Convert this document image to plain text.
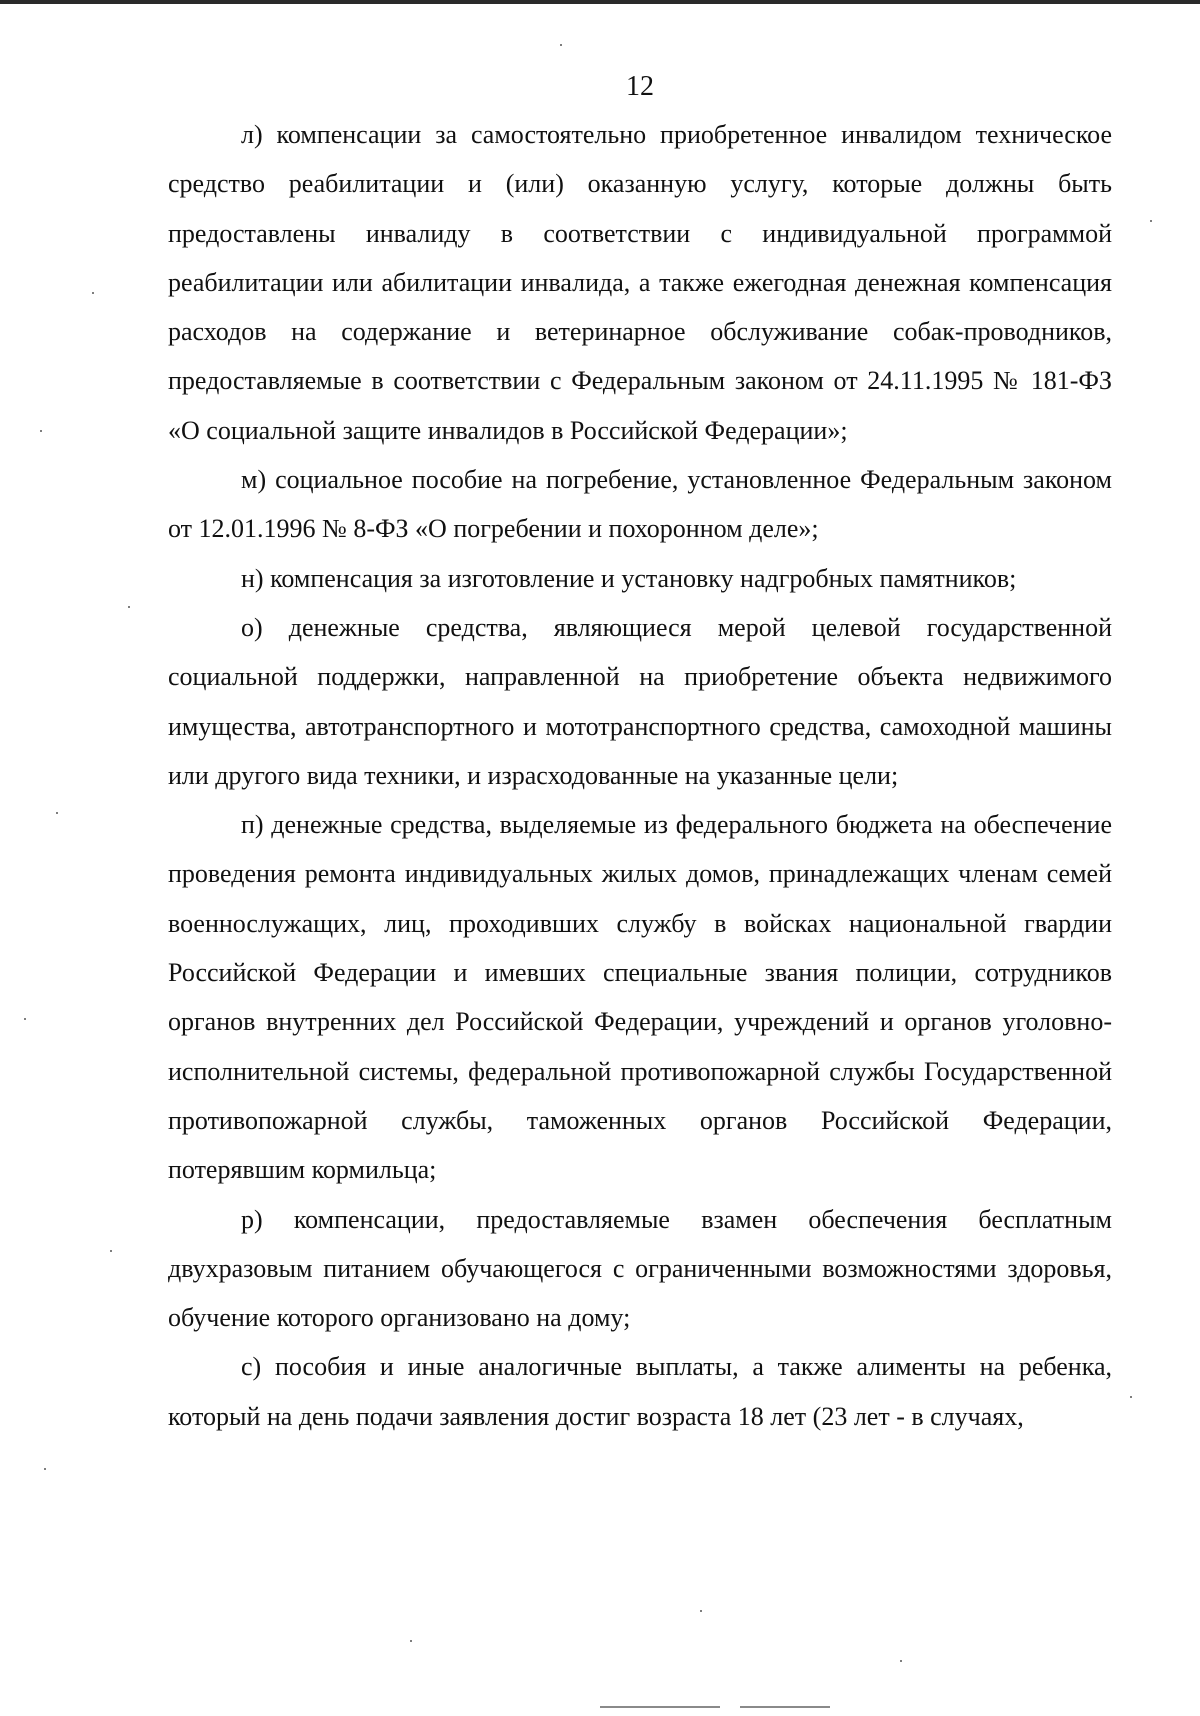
12

л) компенсации за самостоятельно приобретенное инвалидом техническое средство реабилитации и (или) оказанную услугу, которые должны быть предоставлены инвалиду в соответствии с индивидуальной программой реабилитации или абилитации инвалида, а также ежегодная денежная компенсация расходов на содержание и ветеринарное обслуживание собак-проводников, предоставляемые в соответствии с Федеральным законом от 24.11.1995 № 181-ФЗ «О социальной защите инвалидов в Российской Федерации»;

м) социальное пособие на погребение, установленное Федеральным законом от 12.01.1996 № 8-ФЗ «О погребении и похоронном деле»;

н) компенсация за изготовление и установку надгробных памятников;

о) денежные средства, являющиеся мерой целевой государственной социальной поддержки, направленной на приобретение объекта недвижимого имущества, автотранспортного и мототранспортного средства, самоходной машины или другого вида техники, и израсходованные на указанные цели;

п) денежные средства, выделяемые из федерального бюджета на обеспечение проведения ремонта индивидуальных жилых домов, принадлежащих членам семей военнослужащих, лиц, проходивших службу в войсках национальной гвардии Российской Федерации и имевших специальные звания полиции, сотрудников органов внутренних дел Российской Федерации, учреждений и органов уголовно-исполнительной системы, федеральной противопожарной службы Государственной противопожарной службы, таможенных органов Российской Федерации, потерявшим кормильца;

р) компенсации, предоставляемые взамен обеспечения бесплатным двухразовым питанием обучающегося с ограниченными возможностями здоровья, обучение которого организовано на дому;

с) пособия и иные аналогичные выплаты, а также алименты на ребенка, который на день подачи заявления достиг возраста 18 лет (23 лет - в случаях,
